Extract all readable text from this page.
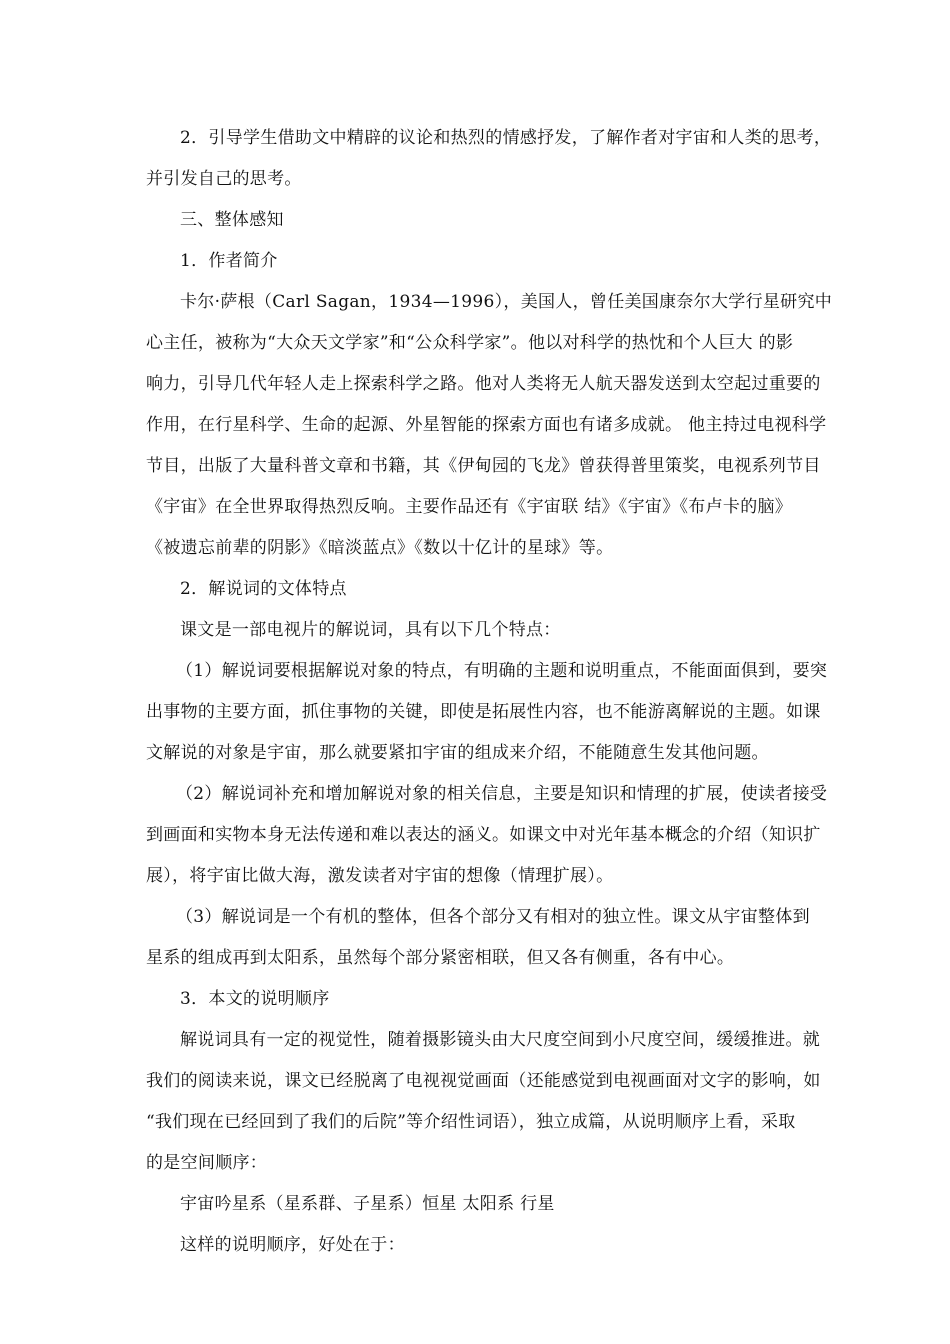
2．引导学生借助文中精辟的议论和热烈的情感抒发，了解作者对宇宙和人类的思考，
并引发自己的思考。
三、整体感知
1．作者简介
卡尔·萨根（Carl Sagan，1934—1996），美国人，曾任美国康奈尔大学行星研究中
心主任，被称为“大众天文学家”和“公众科学家”。他以对科学的热忱和个人巨大 的影
响力，引导几代年轻人走上探索科学之路。他对人类将无人航天器发送到太空起过重要的
作用，在行星科学、生命的起源、外星智能的探索方面也有诸多成就。 他主持过电视科学
节目，出版了大量科普文章和书籍，其《伊甸园的飞龙》曾获得普里策奖，电视系列节目
《宇宙》在全世界取得热烈反响。主要作品还有《宇宙联 结》《宇宙》《布卢卡的脑》
《被遗忘前辈的阴影》《暗淡蓝点》《数以十亿计的星球》等。
2．解说词的文体特点
课文是一部电视片的解说词，具有以下几个特点：
（1）解说词要根据解说对象的特点，有明确的主题和说明重点，不能面面俱到，要突
出事物的主要方面，抓住事物的关键，即使是拓展性内容，也不能游离解说的主题。如课
文解说的对象是宇宙，那么就要紧扣宇宙的组成来介绍，不能随意生发其他问题。
（2）解说词补充和增加解说对象的相关信息，主要是知识和情理的扩展，使读者接受
到画面和实物本身无法传递和难以表达的涵义。如课文中对光年基本概念的介绍（知识扩
展），将宇宙比做大海，激发读者对宇宙的想像（情理扩展）。
（3）解说词是一个有机的整体，但各个部分又有相对的独立性。课文从宇宙整体到
星系的组成再到太阳系，虽然每个部分紧密相联，但又各有侧重，各有中心。
3．本文的说明顺序
解说词具有一定的视觉性，随着摄影镜头由大尺度空间到小尺度空间，缓缓推进。就
我们的阅读来说，课文已经脱离了电视视觉画面（还能感觉到电视画面对文字的影响，如
“我们现在已经回到了我们的后院”等介绍性词语），独立成篇，从说明顺序上看，采取
的是空间顺序：
宇宙吟星系（星系群、子星系）恒星 太阳系 行星
这样的说明顺序，好处在于：
